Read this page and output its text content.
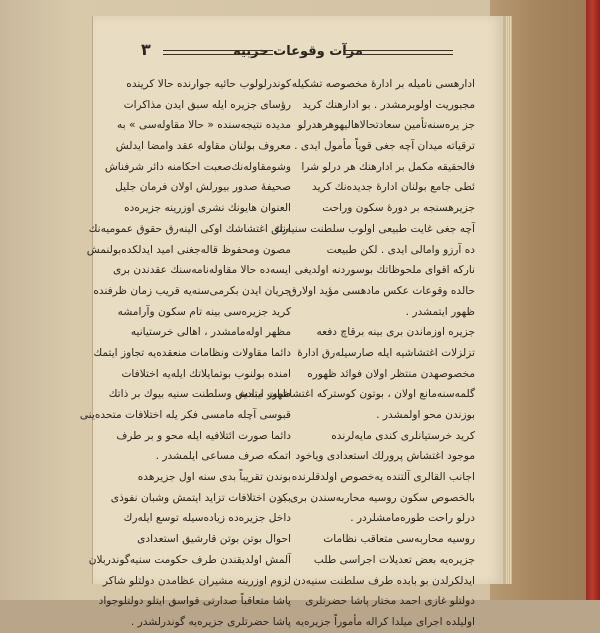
مرآت وقوعات حربيه
٣
ادارهسی نامیله بر ادارۀ مخصوصه تشکیله
مجبوریت اولوبرمشدر . بو ادارهنك كريد
جز یرەسنەتأمین سعادتحالاهالیهوهرهدرلو
ترقیاته میدان آچه جغی قویاً مأمول ایدی .
فالحقیقه مکمل بر ادارهنك هر درلو شرا
ئطى جامع بولنان ادارۀ جديدەنك كريد
جزيرهسنجه بر دورۀ سكون وراحت
آچه جغى غايت طبيعى اولوب سلطنت سنيەنك
ده آرزو وامالی ایدی . لکن طبیعت
ناركه اقواى ملحوظاتك بوسوردنه اولديغى
حالده وقوعات عكس مادهسى مؤيد اولارق
ظهور ايتمشدر .
جزيره اوزماندن برى بينه برقاچ دفعه
تزلزلات اغتشاشيه ايله صارسيلەرق ادارۀ
مخصوصهدن منتظر اولان فوائد ظهوره
گلمه‌سنه‌مانع اولان ، بوتون كوستركه اغتشاشات مبادیه
بوزندن محو اولمشدر .
كريد خرستيانلرى كندى مايەلرنده
موجود اغتشاش پرورلك استعدادى وياخود
اجانب القالرى آلتنده يەخصوص اولدقلرنده
بالخصوص سكون روسيه محاربه‌سندن بری بر
درلو راحت طوره‌مامشلردر .
روسيه محاربه‌سى متعاقب نظامات
جزیرەیه بعض تعدیلات اجراسی طلب
ايدلكرلدن بو بابده طرف سلطنت سنيه‌دن
دولتلو غازى احمد مختار پاشا حضرتلرى
اوليلده اجراى ميلدا كراله مأموراً جزيره‌يه
كوندرلولوب حائیه جوارنده حالا كرينده
رؤساى جزيره ايله سبق ايدن مذاكرات
مديده نتیجه‌سنده « حالا مقاولە‌سى » بە
معروف بولنان مقاوله عقد وامضا ایدلش
وشومقاولەنك‌صعبت احكامنه دائر شرفناش
صحيفۀ صدور بيورلش اولان فرمان جليل
العنوان هايونك نشرى اوزرينه جزيره‌ده
ارتق اغتشاشك اوكى الينه‌رق حقوق عموميه‌نك
مصون ومحفوظ قاله‌جغنی امید ایدلکده‌بولنمش
ايسه‌ده حالا مقاوله‌نامه‌سنك عقدندن برى
جريان ايدن بكرمى‌سنه‌يه قريب زمان ظرفنده
كريد جزيرەسى بينه تام سكون وآرامشه
مظهر اوله‌مامشدر ، اهالى خرستيانيه
دائما مقاولات ونظامات منعقده‌يه تجاوز ايتمك
امنده بولنوب بوتمايلاتك ايله‌يه اختلافات
ظهور ايتمش وسلطنت سنيه بيوك بر ذاتك
قبوسى آچله مامسى فكر يله اختلافات متحده‌ينى
دائما صورت ائتلافيه ايله محو و بر طرف
اتمكه صرف مساعى ايلمشدر .
بوندن تقريباً بدى سنه اول جزیرهده
بكدن اختلافات تزايد ايتمش وشبان نفوذى
داخل جزيره‌ده زياده‌سيله توسع ايلەرك
احوال بوتن بوتن قارشيق استعدادى
آلمش اولديقندن طرف حكومت سنيه‌گوندربلان
لزوم اوزرينه مشيران عظامدن دولتلو شاكر
پاشا متعاقباً صدارتى قواسق ايتلو دولتلوجواد
پاشا حضرتلرى جزیرەیه گوندرلشدر .
